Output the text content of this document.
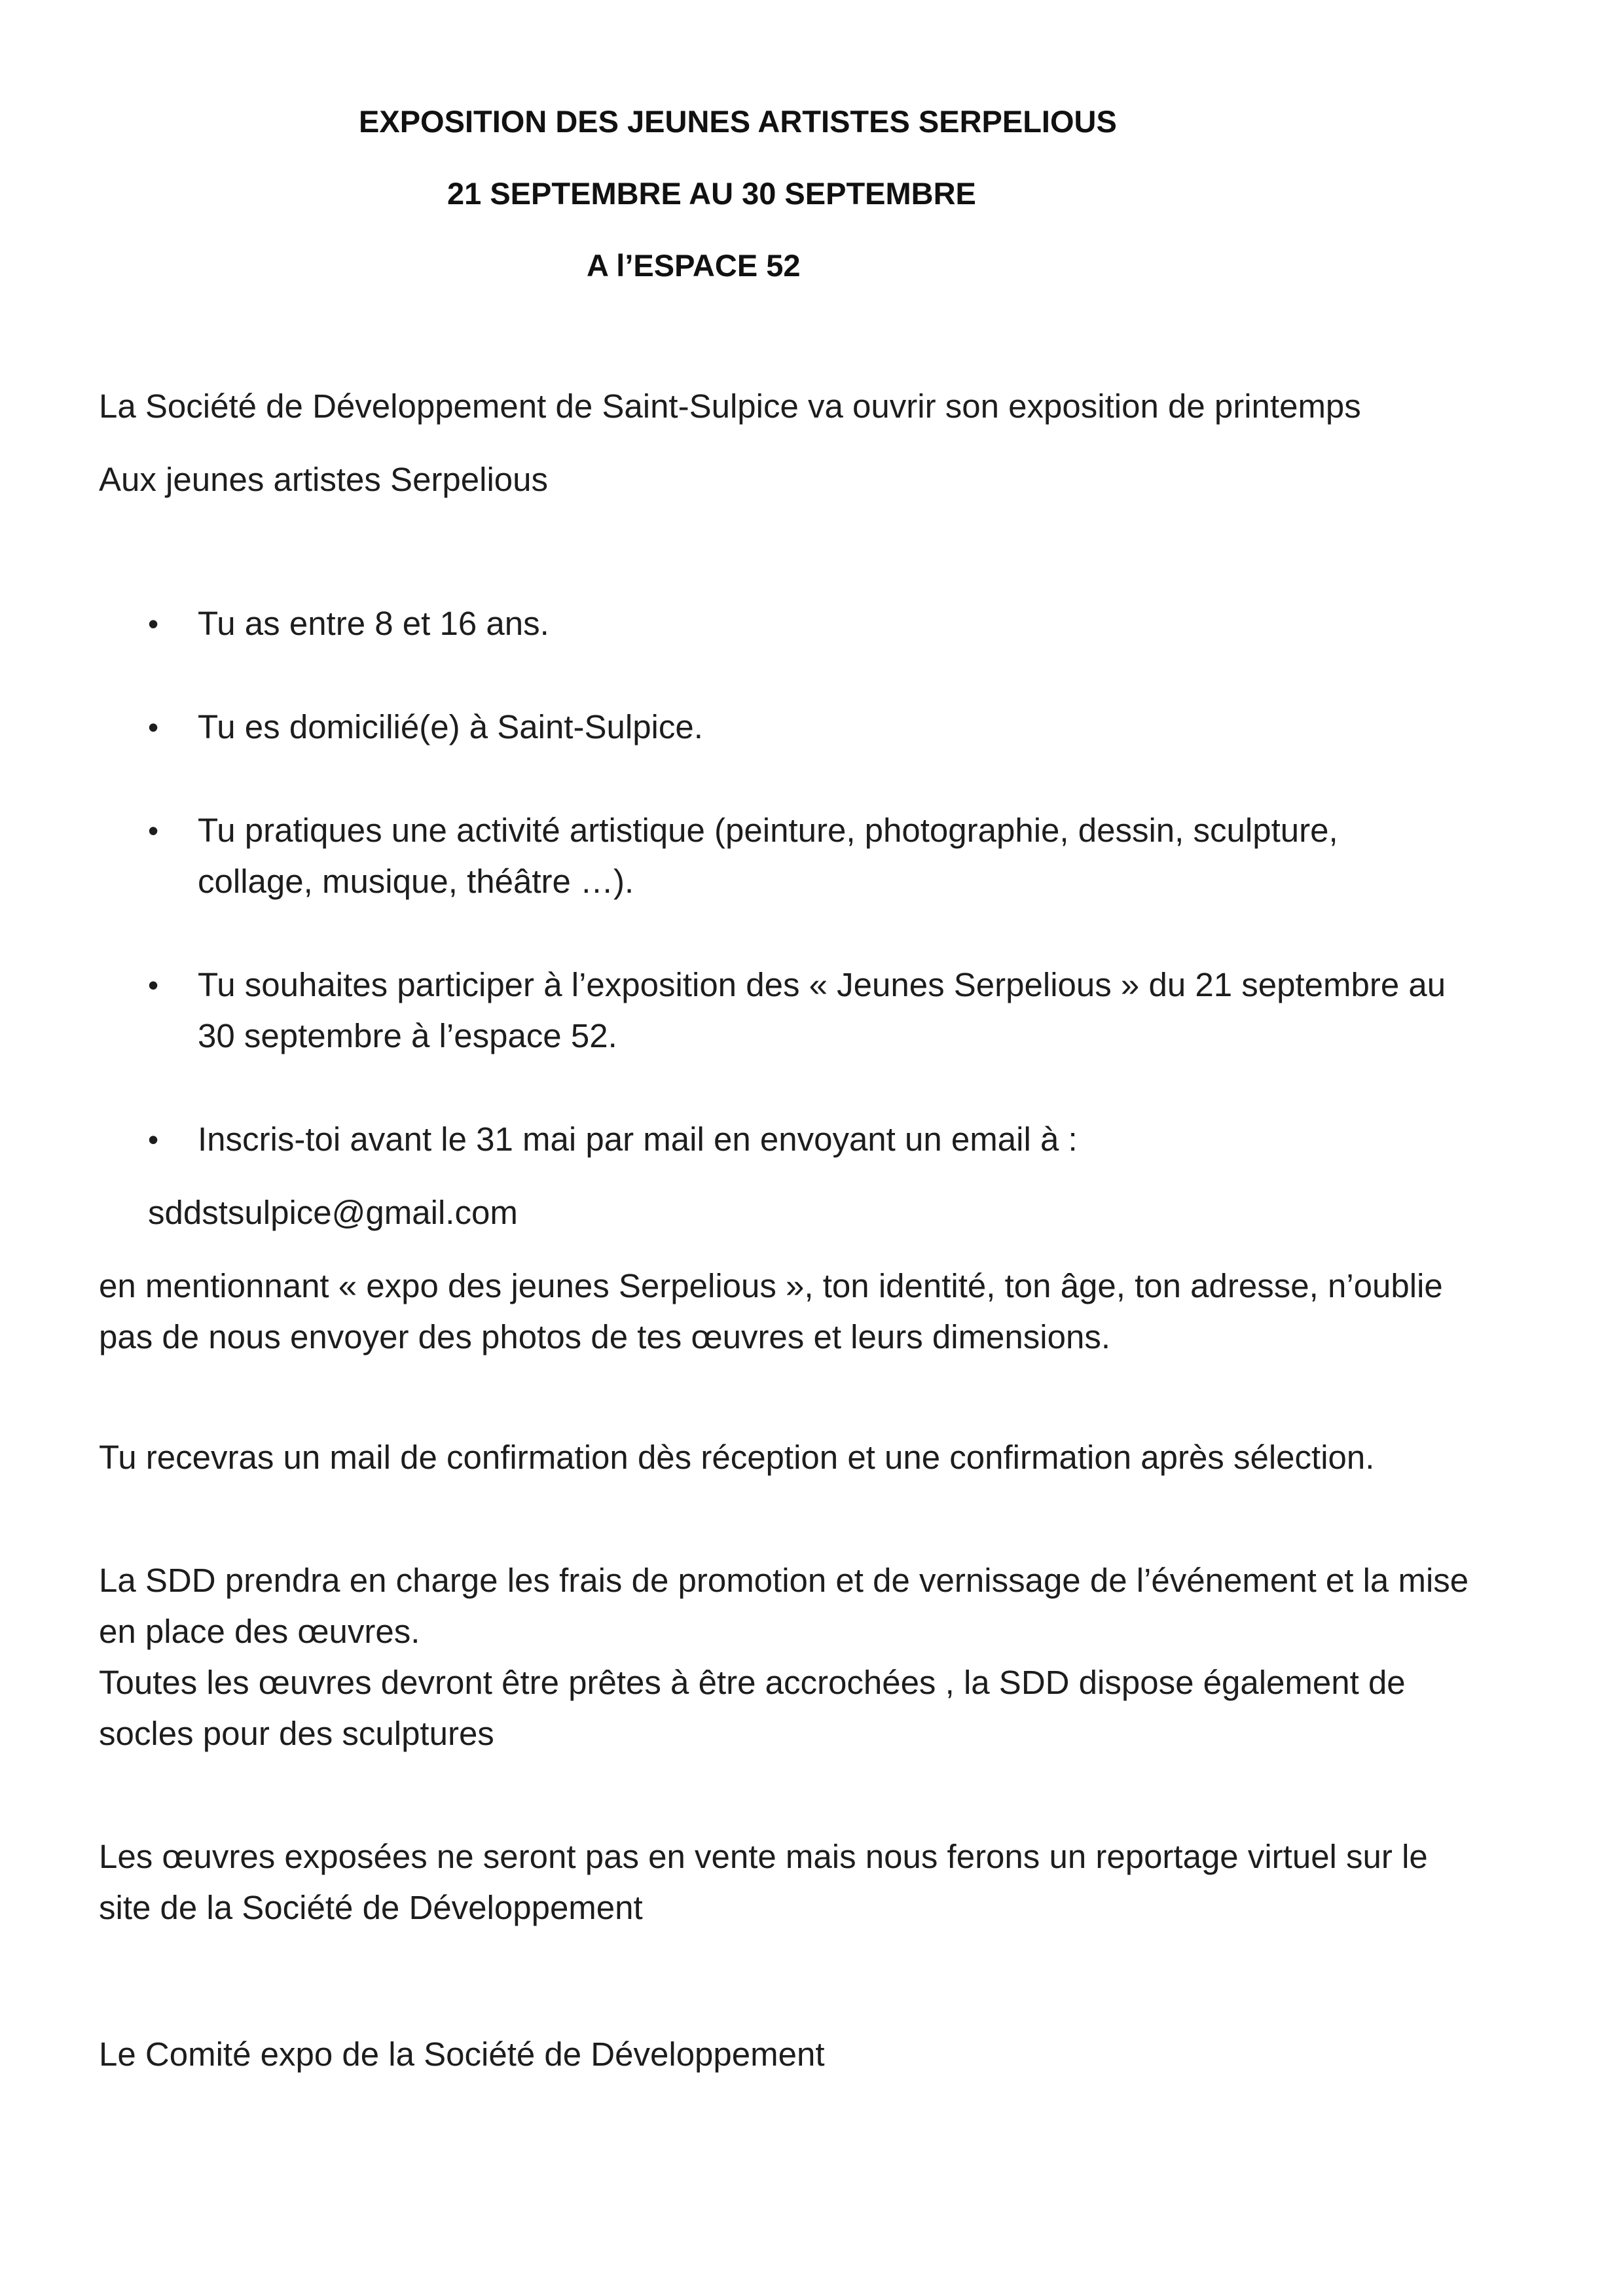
EXPOSITION DES JEUNES ARTISTES SERPELIOUS
21 SEPTEMBRE AU 30 SEPTEMBRE
A l’ESPACE 52
La Société de Développement de Saint-Sulpice va ouvrir son exposition de printemps
Aux jeunes artistes Serpelious
• Tu as entre 8 et 16 ans.
• Tu es domicilié(e) à Saint-Sulpice.
• Tu pratiques une activité artistique (peinture, photographie, dessin, sculpture,
collage, musique, théâtre …).
• Tu souhaites participer à l’exposition des « Jeunes Serpelious » du 21 septembre au
30 septembre à l’espace 52.
• Inscris-toi avant le 31 mai par mail en envoyant un email à :
sddstsulpice@gmail.com
en mentionnant « expo des jeunes Serpelious », ton identité, ton âge, ton adresse, n’oublie
pas de nous envoyer des photos de tes œuvres et leurs dimensions.
Tu recevras un mail de confirmation dès réception et une confirmation après sélection.
La SDD prendra en charge les frais de promotion et de vernissage de l’événement et la mise
en place des œuvres.
Toutes les œuvres devront être prêtes à être accrochées , la SDD dispose également de
socles pour des sculptures
Les œuvres exposées ne seront pas en vente mais nous ferons un reportage virtuel sur le
site de la Société de Développement
Le Comité expo de la Société de Développement
